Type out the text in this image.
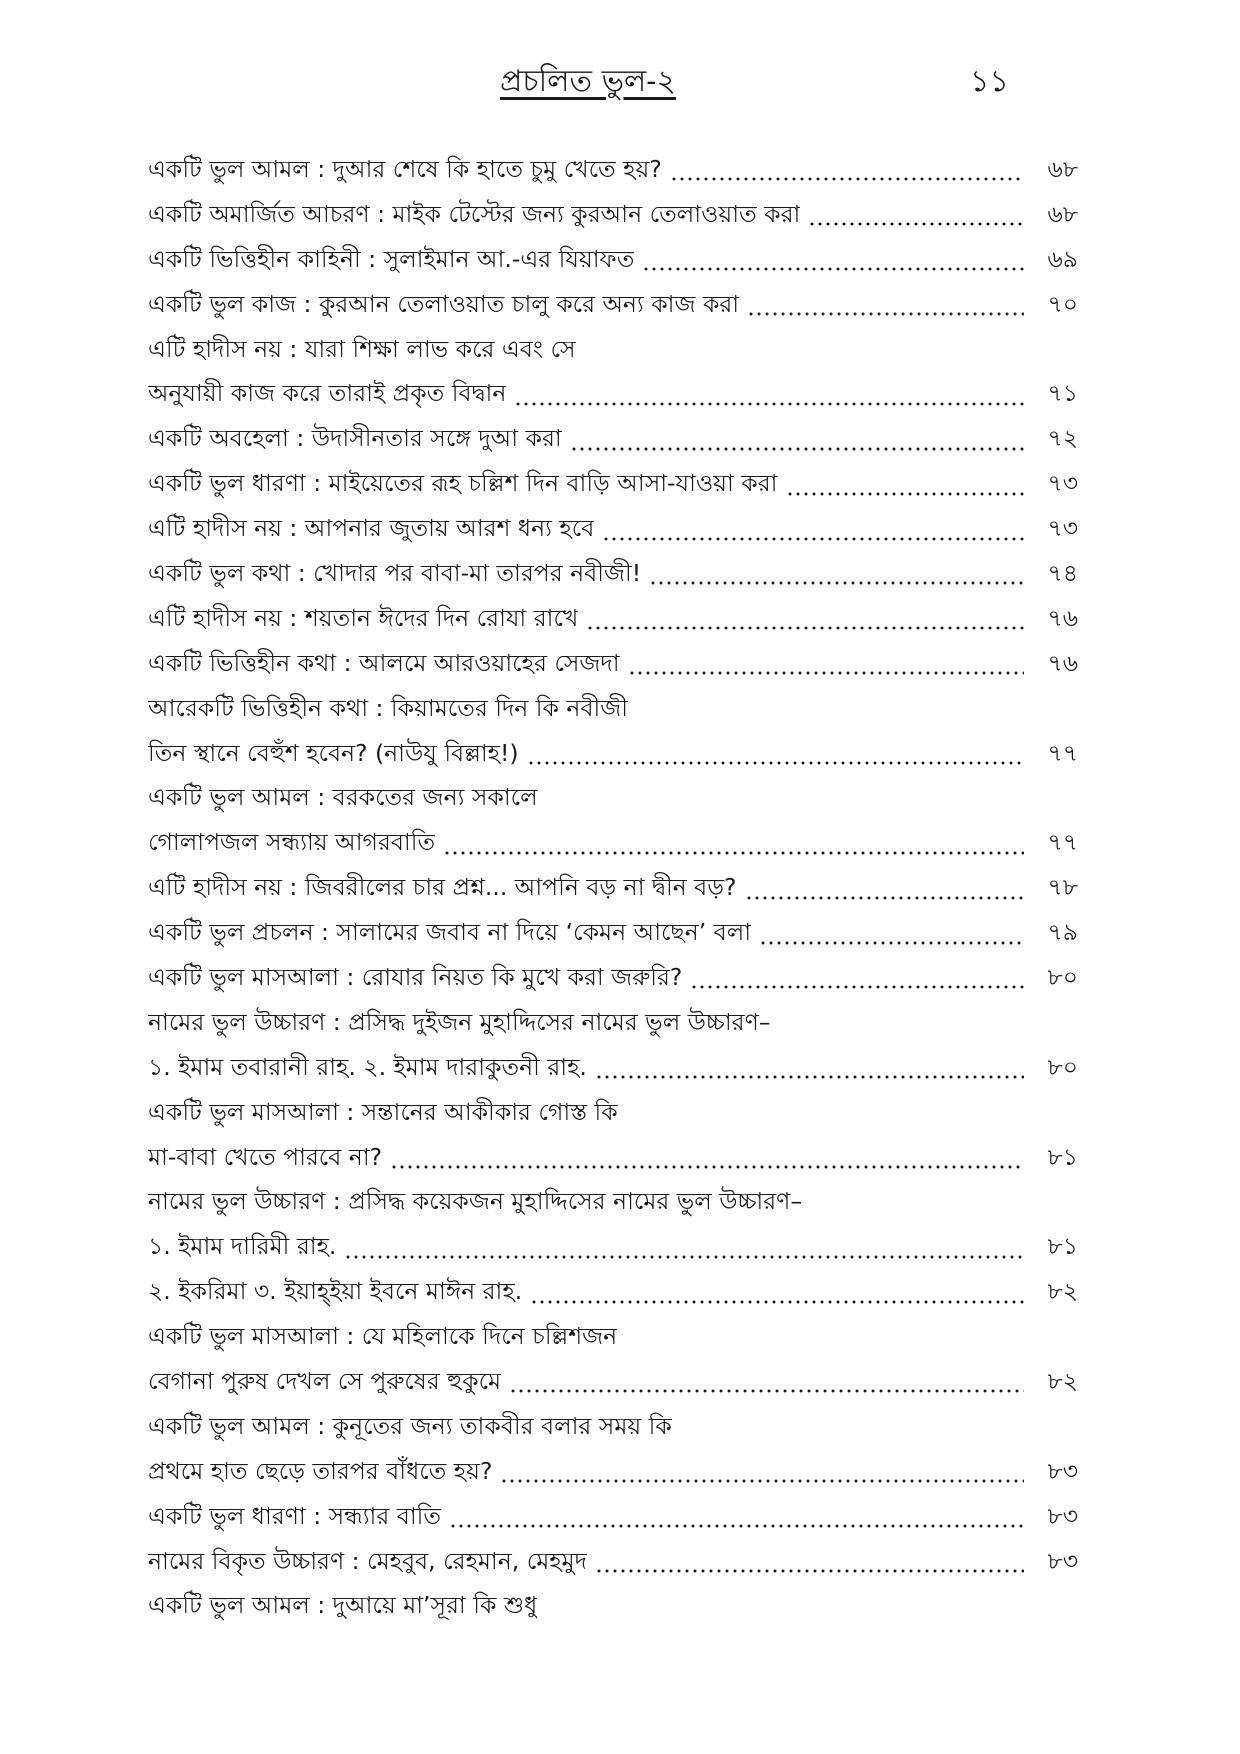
প্রচলিত ভুল-২	১১
একটি ভুল আমল : দুআর শেষে কি হাতে চুমু খেতে হয়?	৬৮
একটি অমার্জিত আচরণ : মাইক টেস্টের জন্য কুরআন তেলাওয়াত করা	৬৮
একটি ভিত্তিহীন কাহিনী : সুলাইমান আ.-এর যিয়াফত	৬৯
একটি ভুল কাজ : কুরআন তেলাওয়াত চালু করে অন্য কাজ করা	৭০
এটি হাদীস নয় : যারা শিক্ষা লাভ করে এবং সে
অনুযায়ী কাজ করে তারাই প্রকৃত বিদ্বান	৭১
একটি অবহেলা : উদাসীনতার সঙ্গে দুআ করা	৭২
একটি ভুল ধারণা : মাইয়েতের রূহ চল্লিশ দিন বাড়ি আসা-যাওয়া করা	৭৩
এটি হাদীস নয় : আপনার জুতায় আরশ ধন্য হবে	৭৩
একটি ভুল কথা : খোদার পর বাবা-মা তারপর নবীজী!	৭৪
এটি হাদীস নয় : শয়তান ঈদের দিন রোযা রাখে	৭৬
একটি ভিত্তিহীন কথা : আলমে আরওয়াহের সেজদা	৭৬
আরেকটি ভিত্তিহীন কথা : কিয়ামতের দিন কি নবীজী
তিন স্থানে বেহুঁশ হবেন? (নাউযু বিল্লাহ!)	৭৭
একটি ভুল আমল : বরকতের জন্য সকালে
গোলাপজল সন্ধ্যায় আগরবাতি	৭৭
এটি হাদীস নয় : জিবরীলের চার প্রশ্ন... আপনি বড় না দ্বীন বড়?	৭৮
একটি ভুল প্রচলন : সালামের জবাব না দিয়ে ‘কেমন আছেন’ বলা	৭৯
একটি ভুল মাসআলা : রোযার নিয়ত কি মুখে করা জরুরি?	৮০
নামের ভুল উচ্চারণ : প্রসিদ্ধ দুইজন মুহাদ্দিসের নামের ভুল উচ্চারণ–
১. ইমাম তবারানী রাহ. ২. ইমাম দারাকুতনী রাহ.	৮০
একটি ভুল মাসআলা : সন্তানের আকীকার গোস্ত কি
মা-বাবা খেতে পারবে না?	৮১
নামের ভুল উচ্চারণ : প্রসিদ্ধ কয়েকজন মুহাদ্দিসের নামের ভুল উচ্চারণ–
১. ইমাম দারিমী রাহ.	৮১
২. ইকরিমা ৩. ইয়াহ্ইয়া ইবনে মাঈন রাহ.	৮২
একটি ভুল মাসআলা : যে মহিলাকে দিনে চল্লিশজন
বেগানা পুরুষ দেখল সে পুরুষের হুকুমে	৮২
একটি ভুল আমল : কুনূতের জন্য তাকবীর বলার সময় কি
প্রথমে হাত ছেড়ে তারপর বাঁধতে হয়?	৮৩
একটি ভুল ধারণা : সন্ধ্যার বাতি	৮৩
নামের বিকৃত উচ্চারণ : মেহবুব, রেহমান, মেহমুদ	৮৩
একটি ভুল আমল : দুআয়ে মা’সূরা কি শুধু
